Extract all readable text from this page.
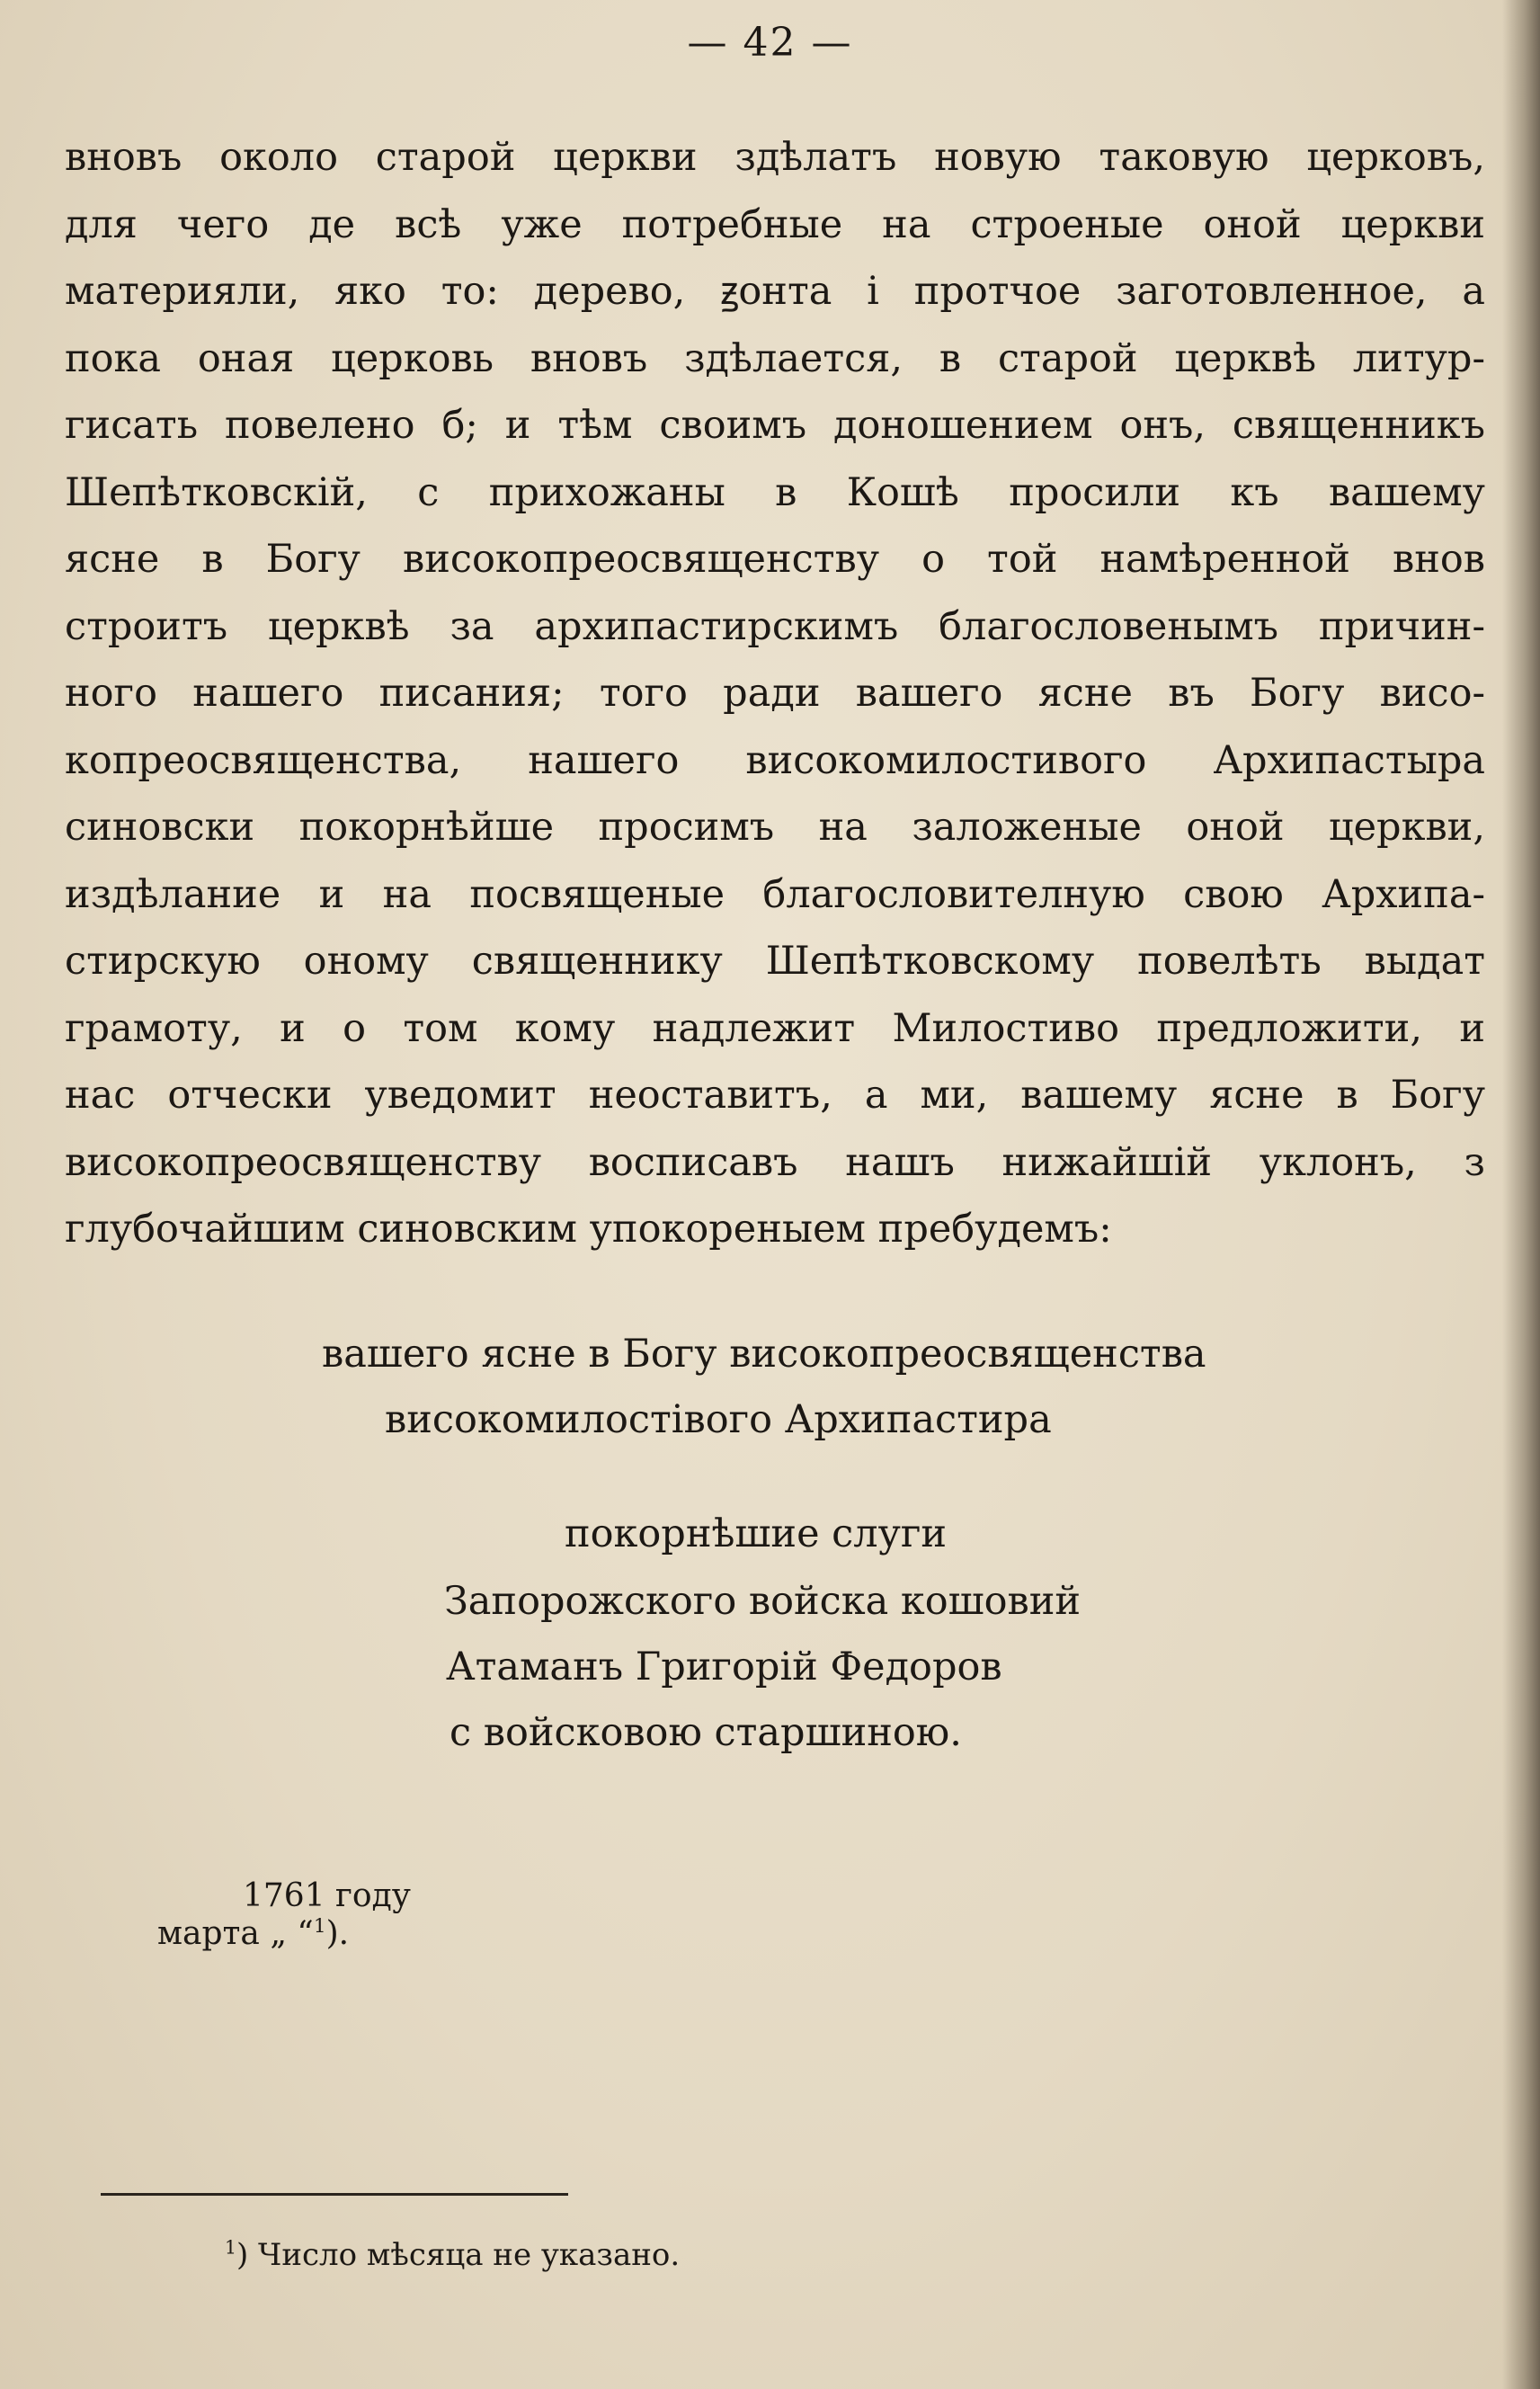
— 42 —
вновъ около старой церкви здѣлатъ новую таковую церковъ,
для чего де всѣ уже потребные на строеные оной церкви
материяли, яко то: дерево, ꙃонта і протчое заготовленное, а
пока оная церковь вновъ здѣлается, в старой церквѣ литур-
гисать повелено б; и тѣм своимъ доношением онъ, священникъ
Шепѣтковскій, с прихожаны в Кошѣ просили къ вашему
ясне в Богу високопреосвященству о той намѣренной внов
строитъ церквѣ за архипастирскимъ благословенымъ причин-
ного нашего писания; того ради вашего ясне въ Богу висо-
копреосвященства, нашего високомилостивого Архипастыра
синовски покорнѣйше просимъ на заложеные оной церкви,
издѣлание и на посвященые благословителную свою Архипа-
стирскую оному священнику Шепѣтковскому повелѣть выдат
грамоту, и о том кому надлежит Милостиво предложити, и
нас отчески уведомит неоставитъ, а ми, вашему ясне в Богу
високопреосвященству восписавъ нашъ нижайшій уклонъ, з
глубочайшим синовским упокореныем пребудемъ:
вашего ясне в Богу високопреосвященства
високомилостівого Архипастира
покорнѣшие слуги
Запорожского войска кошовий
Атаманъ Григорій Федоров
с войсковою старшиною.
1761 году
марта „ “$^1$).
$^1$) Число мѣсяца не указано.
